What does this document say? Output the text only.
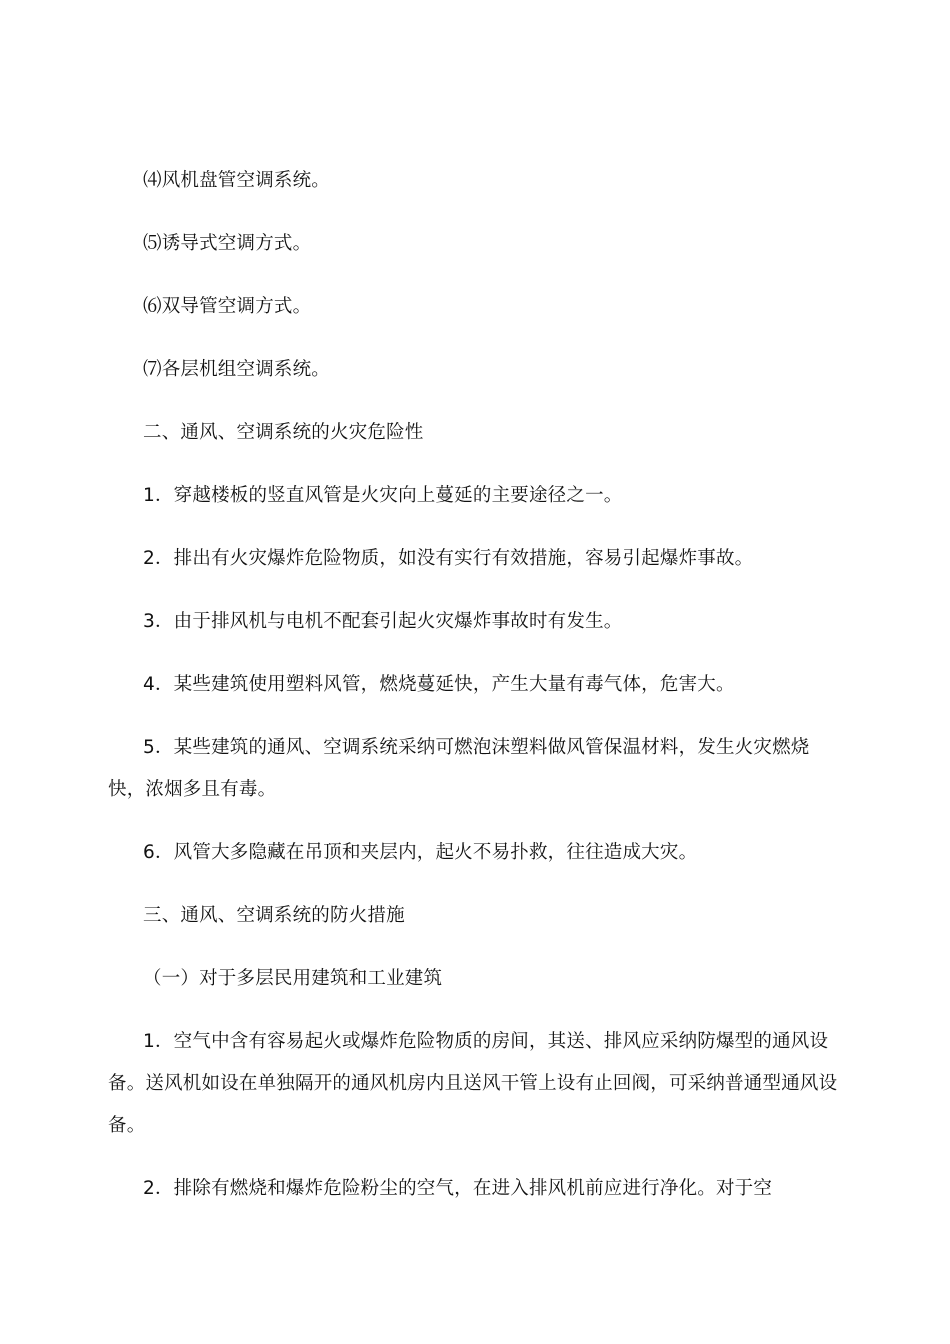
⑷风机盘管空调系统。

⑸诱导式空调方式。

⑹双导管空调方式。

⑺各层机组空调系统。

二、通风、空调系统的火灾危险性

1．穿越楼板的竖直风管是火灾向上蔓延的主要途径之一。

2．排出有火灾爆炸危险物质，如没有实行有效措施，容易引起爆炸事故。

3．由于排风机与电机不配套引起火灾爆炸事故时有发生。

4．某些建筑使用塑料风管，燃烧蔓延快，产生大量有毒气体，危害大。

5．某些建筑的通风、空调系统采纳可燃泡沫塑料做风管保温材料，发生火灾燃烧快，浓烟多且有毒。

6．风管大多隐藏在吊顶和夹层内，起火不易扑救，往往造成大灾。

三、通风、空调系统的防火措施

（一）对于多层民用建筑和工业建筑

1．空气中含有容易起火或爆炸危险物质的房间，其送、排风应采纳防爆型的通风设备。送风机如设在单独隔开的通风机房内且送风干管上设有止回阀，可采纳普通型通风设备。

2．排除有燃烧和爆炸危险粉尘的空气，在进入排风机前应进行净化。对于空
